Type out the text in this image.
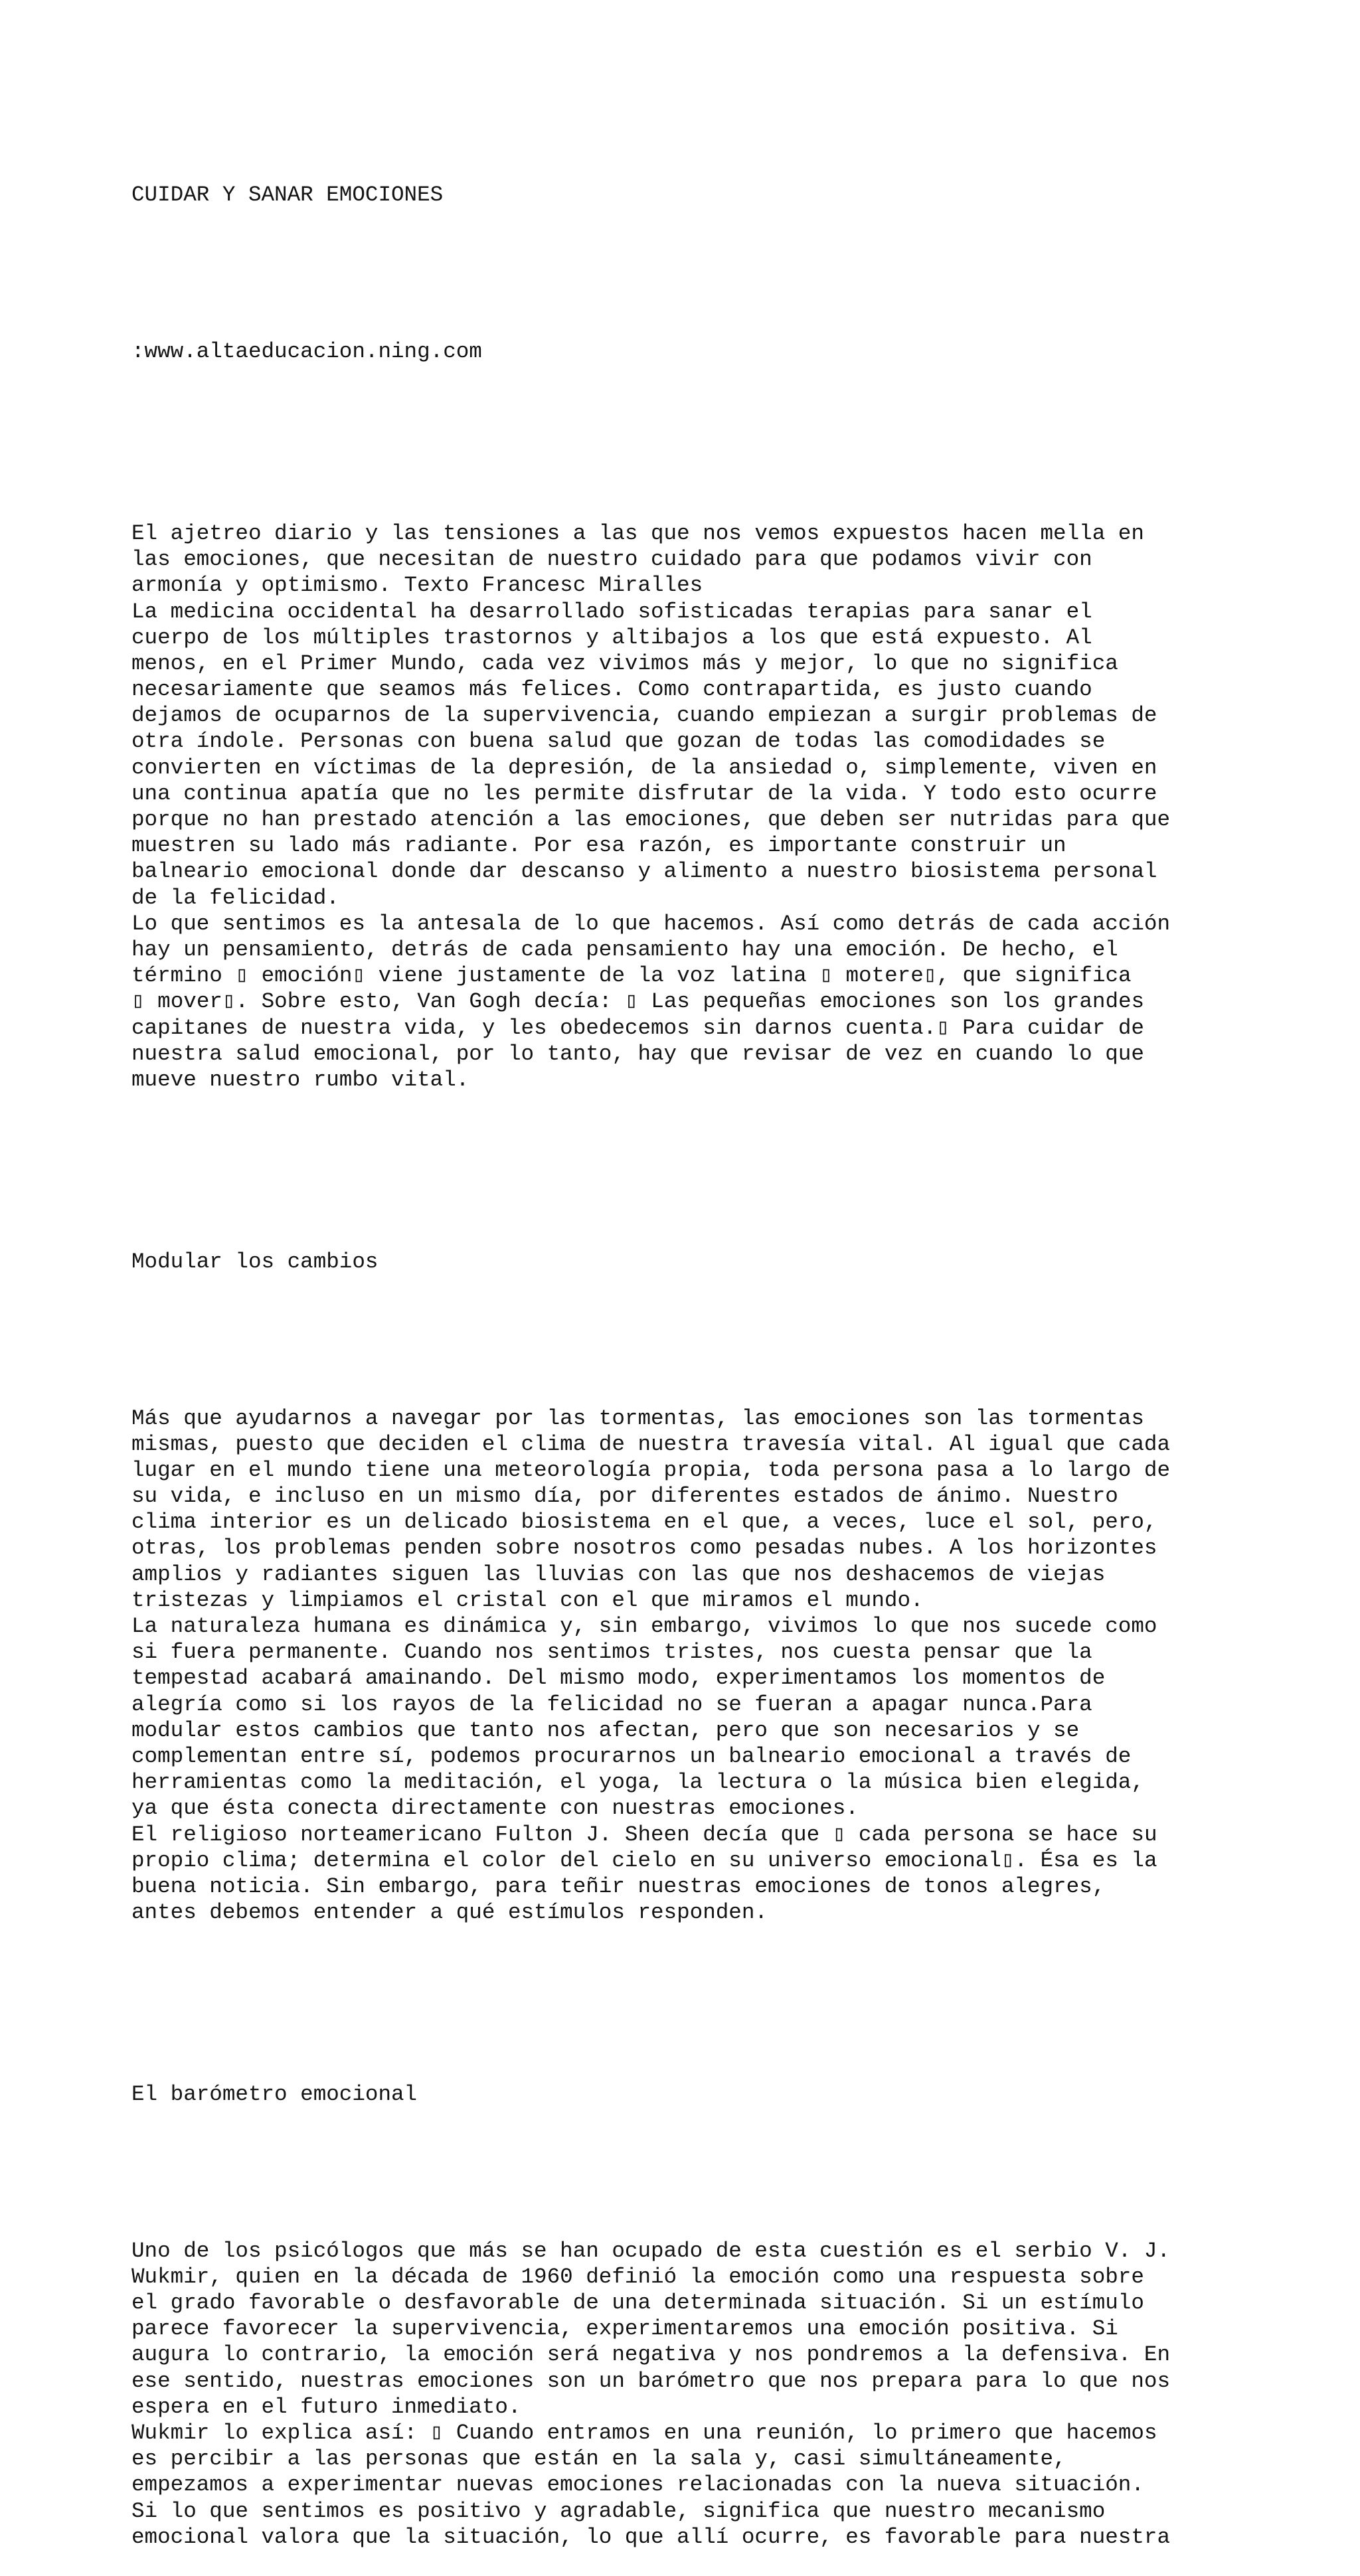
CUIDAR Y SANAR EMOCIONES

:www.altaeducacion.ning.com

El ajetreo diario y las tensiones a las que nos vemos expuestos hacen mella en
las emociones, que necesitan de nuestro cuidado para que podamos vivir con
armonía y optimismo. Texto Francesc Miralles
La medicina occidental ha desarrollado sofisticadas terapias para sanar el
cuerpo de los múltiples trastornos y altibajos a los que está expuesto. Al
menos, en el Primer Mundo, cada vez vivimos más y mejor, lo que no significa
necesariamente que seamos más felices. Como contrapartida, es justo cuando
dejamos de ocuparnos de la supervivencia, cuando empiezan a surgir problemas de
otra índole. Personas con buena salud que gozan de todas las comodidades se
convierten en víctimas de la depresión, de la ansiedad o, simplemente, viven en
una continua apatía que no les permite disfrutar de la vida. Y todo esto ocurre
porque no han prestado atención a las emociones, que deben ser nutridas para que
muestren su lado más radiante. Por esa razón, es importante construir un
balneario emocional donde dar descanso y alimento a nuestro biosistema personal
de la felicidad.
Lo que sentimos es la antesala de lo que hacemos. Así como detrás de cada acción
hay un pensamiento, detrás de cada pensamiento hay una emoción. De hecho, el
término ▯ emoción▯ viene justamente de la voz latina ▯ motere▯, que significa
▯ mover▯. Sobre esto, Van Gogh decía: ▯ Las pequeñas emociones son los grandes
capitanes de nuestra vida, y les obedecemos sin darnos cuenta.▯ Para cuidar de
nuestra salud emocional, por lo tanto, hay que revisar de vez en cuando lo que
mueve nuestro rumbo vital.

Modular los cambios

Más que ayudarnos a navegar por las tormentas, las emociones son las tormentas
mismas, puesto que deciden el clima de nuestra travesía vital. Al igual que cada
lugar en el mundo tiene una meteorología propia, toda persona pasa a lo largo de
su vida, e incluso en un mismo día, por diferentes estados de ánimo. Nuestro
clima interior es un delicado biosistema en el que, a veces, luce el sol, pero,
otras, los problemas penden sobre nosotros como pesadas nubes. A los horizontes
amplios y radiantes siguen las lluvias con las que nos deshacemos de viejas
tristezas y limpiamos el cristal con el que miramos el mundo.
La naturaleza humana es dinámica y, sin embargo, vivimos lo que nos sucede como
si fuera permanente. Cuando nos sentimos tristes, nos cuesta pensar que la
tempestad acabará amainando. Del mismo modo, experimentamos los momentos de
alegría como si los rayos de la felicidad no se fueran a apagar nunca.Para
modular estos cambios que tanto nos afectan, pero que son necesarios y se
complementan entre sí, podemos procurarnos un balneario emocional a través de
herramientas como la meditación, el yoga, la lectura o la música bien elegida,
ya que ésta conecta directamente con nuestras emociones.
El religioso norteamericano Fulton J. Sheen decía que ▯ cada persona se hace su
propio clima; determina el color del cielo en su universo emocional▯. Ésa es la
buena noticia. Sin embargo, para teñir nuestras emociones de tonos alegres,
antes debemos entender a qué estímulos responden.

El barómetro emocional

Uno de los psicólogos que más se han ocupado de esta cuestión es el serbio V. J.
Wukmir, quien en la década de 1960 definió la emoción como una respuesta sobre
el grado favorable o desfavorable de una determinada situación. Si un estímulo
parece favorecer la supervivencia, experimentaremos una emoción positiva. Si
augura lo contrario, la emoción será negativa y nos pondremos a la defensiva. En
ese sentido, nuestras emociones son un barómetro que nos prepara para lo que nos
espera en el futuro inmediato.
Wukmir lo explica así: ▯ Cuando entramos en una reunión, lo primero que hacemos
es percibir a las personas que están en la sala y, casi simultáneamente,
empezamos a experimentar nuevas emociones relacionadas con la nueva situación.
Si lo que sentimos es positivo y agradable, significa que nuestro mecanismo
emocional valora que la situación, lo que allí ocurre, es favorable para nuestra
